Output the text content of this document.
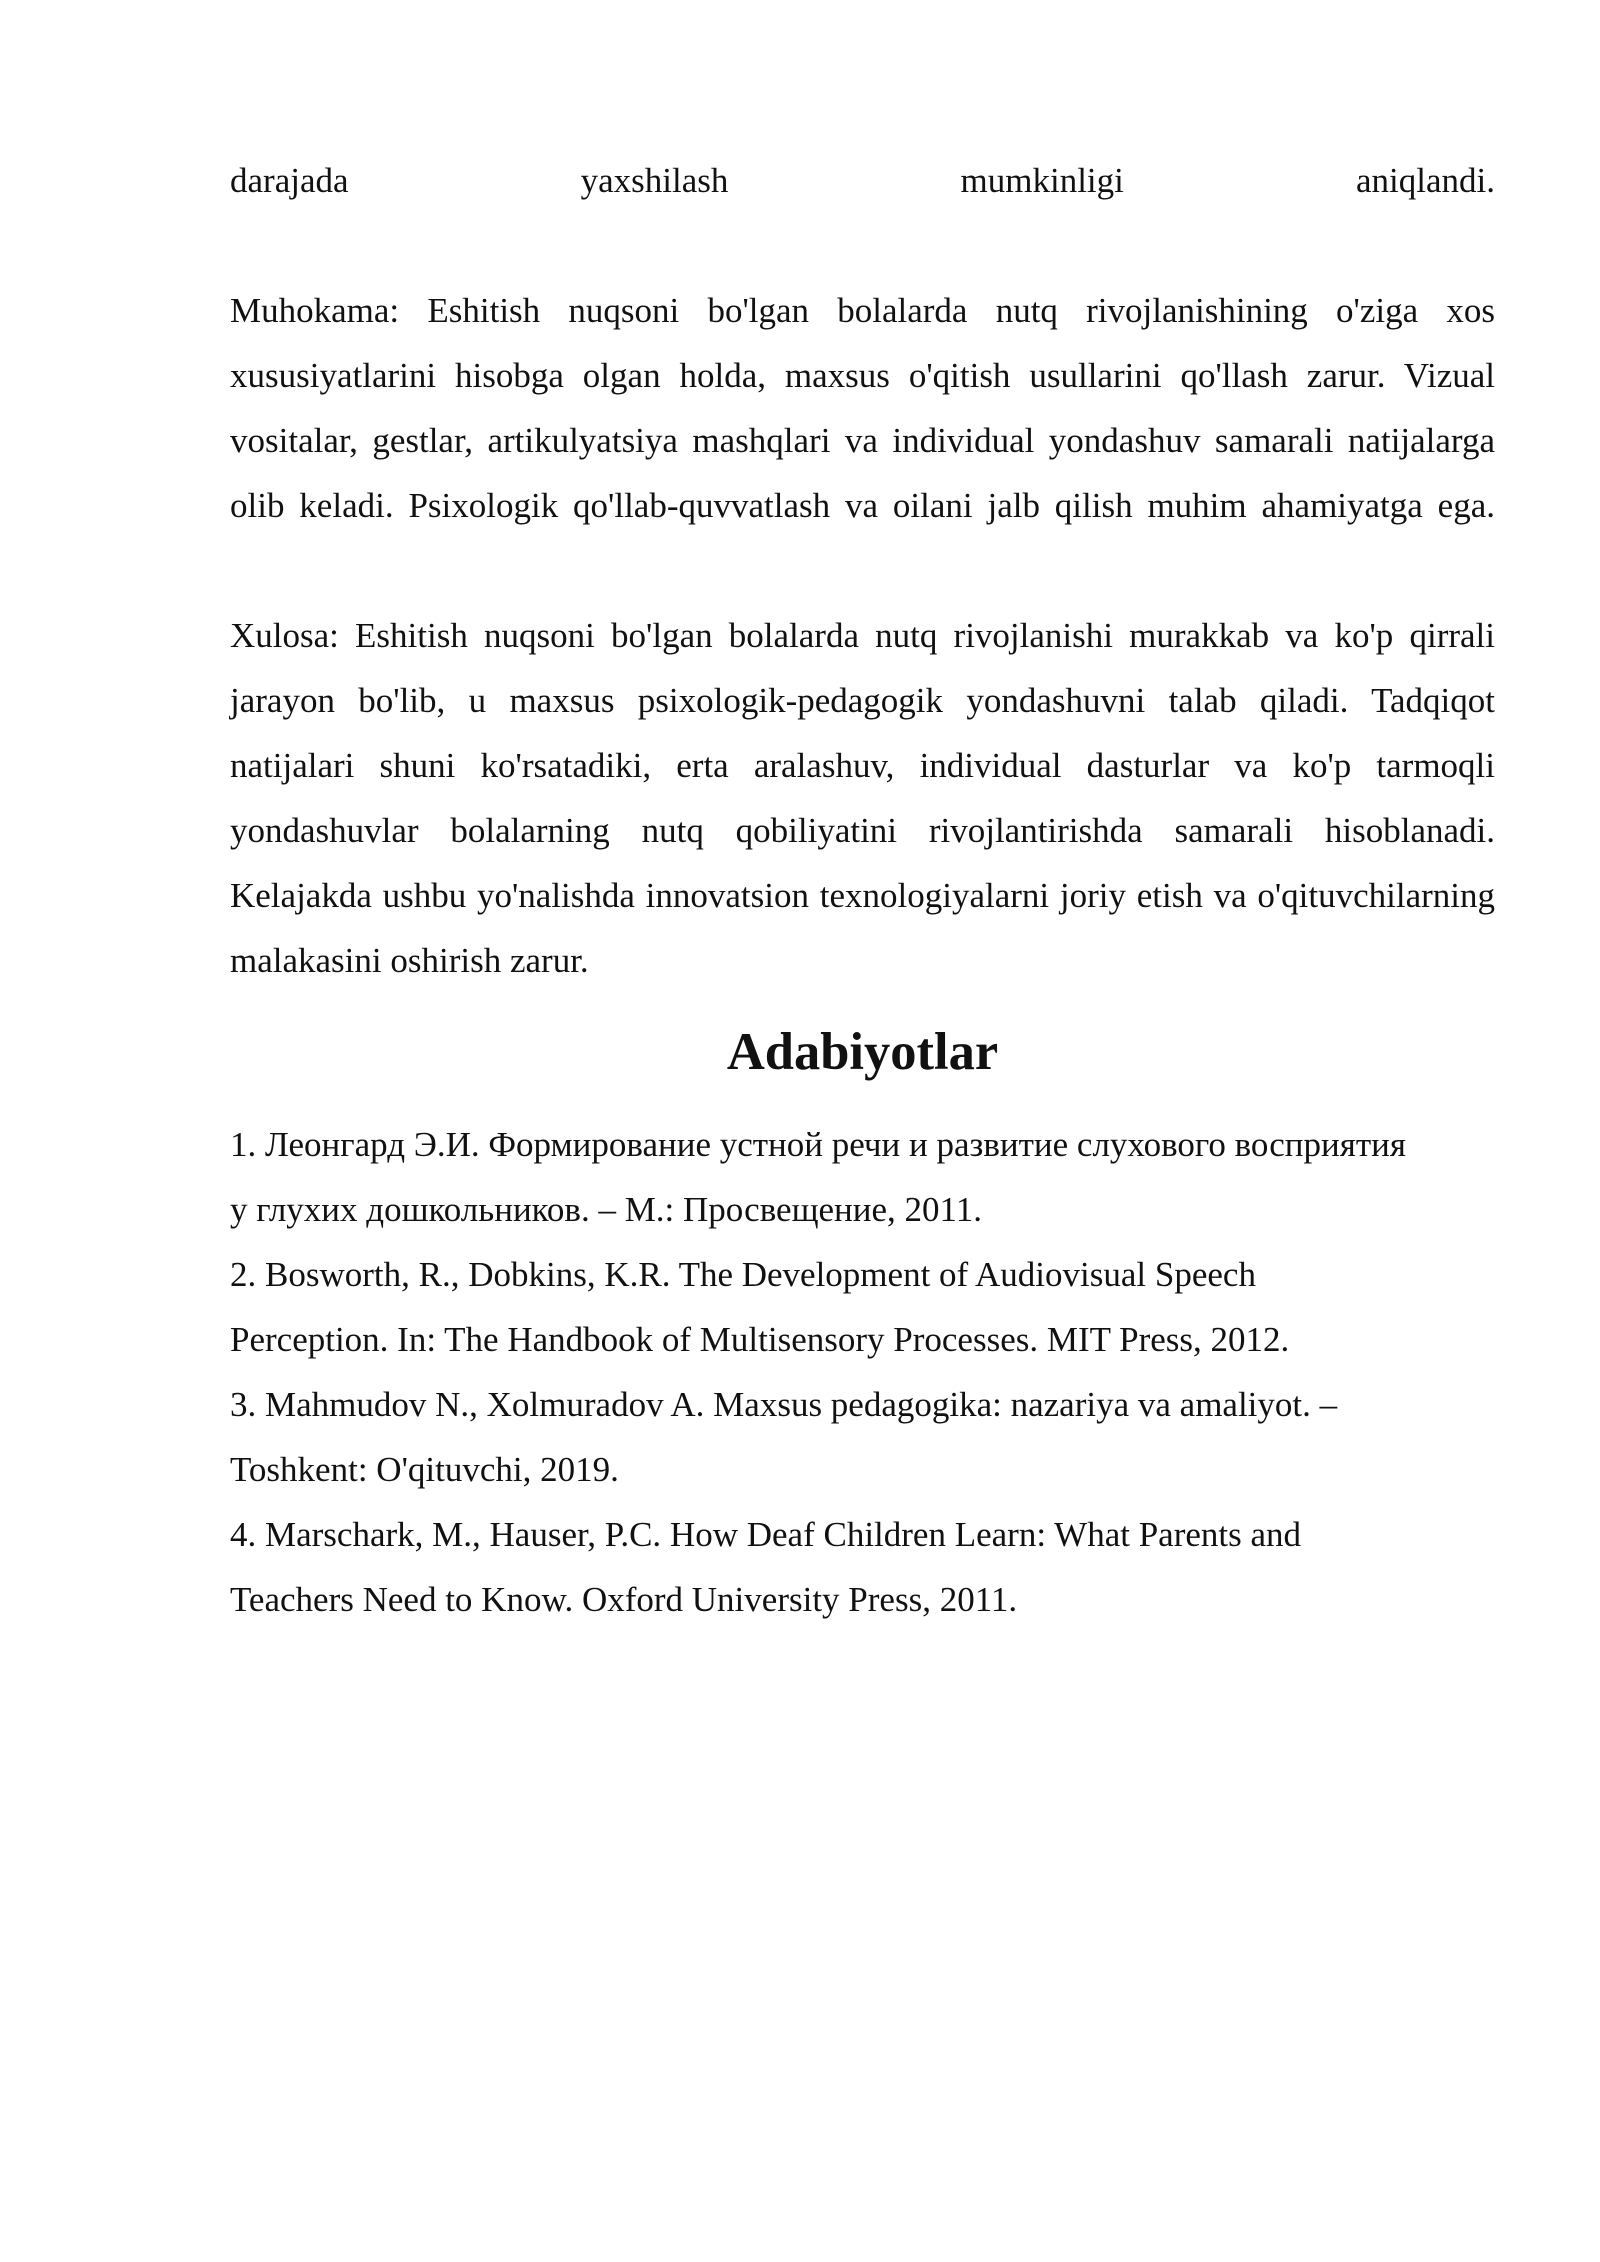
darajada yaxshilash mumkinligi aniqlandi.

Muhokama: Eshitish nuqsoni bo'lgan bolalarda nutq rivojlanishining o'ziga xos xususiyatlarini hisobga olgan holda, maxsus o'qitish usullarini qo'llash zarur. Vizual vositalar, gestlar, artikulyatsiya mashqlari va individual yondashuv samarali natijalarga olib keladi. Psixologik qo'llab-quvvatlash va oilani jalb qilish muhim ahamiyatga ega.

Xulosa: Eshitish nuqsoni bo'lgan bolalarda nutq rivojlanishi murakkab va ko'p qirrali jarayon bo'lib, u maxsus psixologik-pedagogik yondashuvni talab qiladi. Tadqiqot natijalari shuni ko'rsatadiki, erta aralashuv, individual dasturlar va ko'p tarmoqli yondashuvlar bolalarning nutq qobiliyatini rivojlantirishda samarali hisoblanadi. Kelajakda ushbu yo'nalishda innovatsion texnologiyalarni joriy etish va o'qituvchilarning malakasini oshirish zarur.

Adabiyotlar

1. Леонгард Э.И. Формирование устной речи и развитие слухового восприятия у глухих дошкольников. – М.: Просвещение, 2011.

2. Bosworth, R., Dobkins, K.R. The Development of Audiovisual Speech Perception. In: The Handbook of Multisensory Processes. MIT Press, 2012.

3. Mahmudov N., Xolmuradov A. Maxsus pedagogika: nazariya va amaliyot. – Toshkent: O'qituvchi, 2019.

4. Marschark, M., Hauser, P.C. How Deaf Children Learn: What Parents and Teachers Need to Know. Oxford University Press, 2011.
